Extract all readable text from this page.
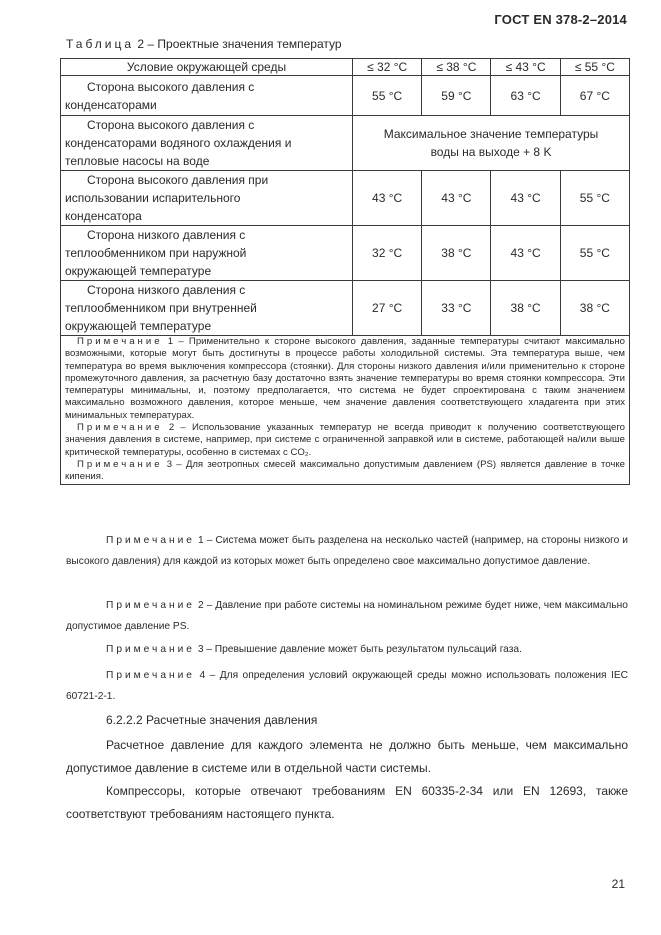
ГОСТ EN 378-2–2014
Таблица 2 – Проектные значения температур
Условие окружающей среды	≤ 32 °C	≤ 38 °C	≤ 43 °C	≤ 55 °C

Сторона высокого давления с
конденсаторами	55 °C	59 °C	63 °C	67 °C

Сторона высокого давления с
конденсаторами водяного охлаждения и
тепловые насосы на воде	Максимальное значение температуры
воды на выходе + 8 K			

Сторона высокого давления при
использовании испарительного
конденсатора	43 °C	43 °C	43 °C	55 °C

Сторона низкого давления с
теплообменником при наружной
окружающей температуре	32 °C	38 °C	43 °C	55 °C

Сторона низкого давления с
теплообменником при внутренней
окружающей температуре	27 °C	33 °C	38 °C	38 °C

Примечание 1 – Применительно к стороне высокого давления, заданные температуры считают максимально возможными, которые могут быть достигнуты в процессе работы холодильной системы. Эта температура выше, чем температура во время выключения компрессора (стоянки). Для стороны низкого давления и/или применительно к стороне промежуточного давления, за расчетную базу достаточно взять значение температуры во время стоянки компрессора. Эти температуры минимальны, и, поэтому предполагается, что система не будет спроектирована с таким значением максимально возможного давления, которое меньше, чем значение давления соответствующего хладагента при этих минимальных температурах.

Примечание 2 – Использование указанных температур не всегда приводит к получению соответствующего значения давления в системе, например, при системе с ограниченной заправкой или в системе, работающей на/или выше критической температуры, особенно в системах с CO₂.

Примечание 3 – Для зеотропных смесей максимально допустимым давлением (PS) является давление в точке кипения.				

Примечание 1 – Система может быть разделена на несколько частей (например, на стороны низкого и высокого давления) для каждой из которых может быть определено свое максимально допустимое давление.

Примечание 2 – Давление при работе системы на номинальном режиме будет ниже, чем максимально допустимое давление PS.

Примечание 3 – Превышение давление может быть результатом пульсаций газа.

Примечание 4 – Для определения условий окружающей среды можно использовать положения IEC 60721-2-1.

6.2.2.2 Расчетные значения давления

Расчетное давление для каждого элемента не должно быть меньше, чем максимально допустимое давление в системе или в отдельной части системы.

Компрессоры, которые отвечают требованиям EN 60335-2-34 или EN 12693, также соответствуют требованиям настоящего пункта.

21
